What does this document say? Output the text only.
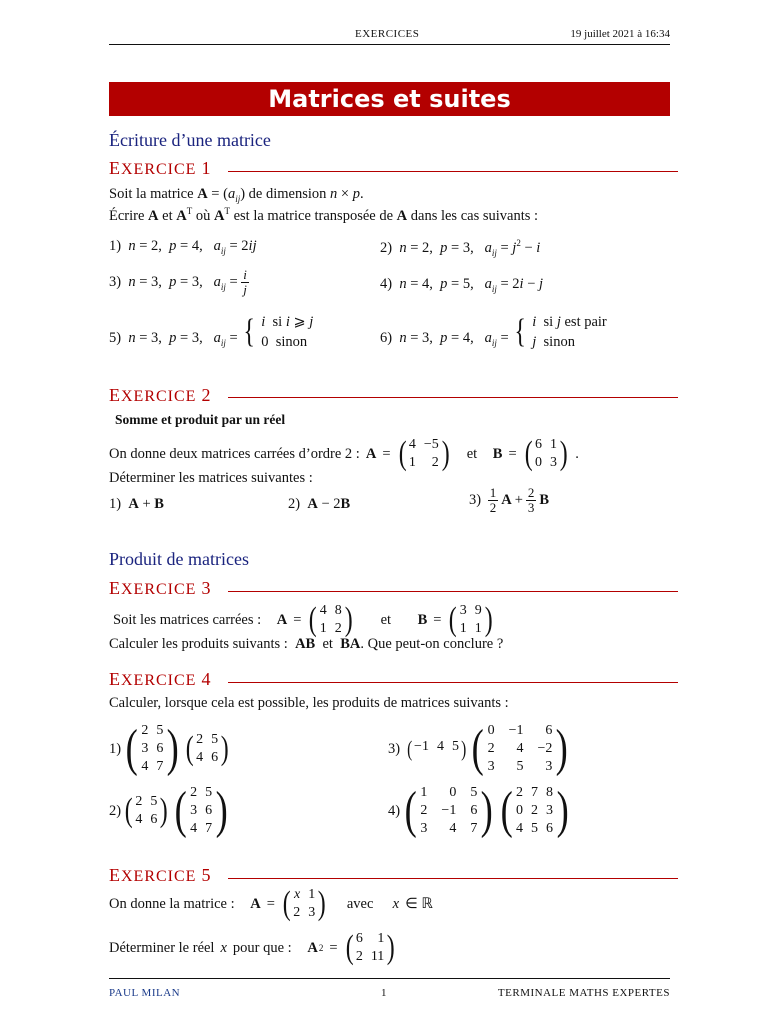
EXERCICES	19 juillet 2021 à 16:34
Matrices et suites
Écriture d’une matrice
EXERCICE 1
Soit la matrice $A = (a_{ij})$ de dimension n × p.
Écrire A et $A^T$ où $A^T$ est la matrice transposée de A dans les cas suivants :
1) n = 2,  p = 4,   $a_{ij} = 2ij$	2) n = 2,  p = 3,   $a_{ij} = j^2 - i$
3) n = 3,  p = 3,   $a_{ij} = \frac{i}{j}$	4) n = 4,  p = 5,   $a_{ij} = 2i - j$
5) n = 3,  p = 3,   $a_{ij}$ = { i si i ⩾ j
0  sinon	6) n = 3,  p = 4,   $a_{ij}$ = { i si j est pair
j sinon
EXERCICE 2
Somme et produit par un réel
On donne deux matrices carrées d’ordre 2 : A = ( 4 −5
1	2 )
et
B = ( 6 1
0 3 ) .
Déterminer les matrices suivantes :
1)  A + B	2)  A − 2B	$3) \frac{1}{2}$ $A + \frac{2}{3}$ B
Produit de matrices
EXERCICE 3
Soit les matrices carrées :
A = ( 4 8
1 2 )
et
B = ( 3 9
1 1 )
Calculer les produits suivants : AB et BA. Que peut-on conclure ?
EXERCICE 4
Calculer, lorsque cela est possible, les produits de matrices suivants :
1) ( 2 5
3 6
4 7 ) ( 2 5
4 6 )	3) ( −1 4 5 ) ( 0 −1	6
2	4 −2
3	5	3 )
2) ( 2 5
4 6 ) ( 2 5
3 6
4 7 )	4) ( 1	0 5
2 −1 6
3	4 7 ) ( 2 7 8
0 2 3
4 5 6 )
EXERCICE 5
On donne la matrice :
A = ( x 1
2 3 )
avec
x ∈ ℝ
Déterminer le réel x pour que :
A 2 = ( 6	1
2 11 )
PAUL MILAN	1	TERMINALE MATHS EXPERTES
